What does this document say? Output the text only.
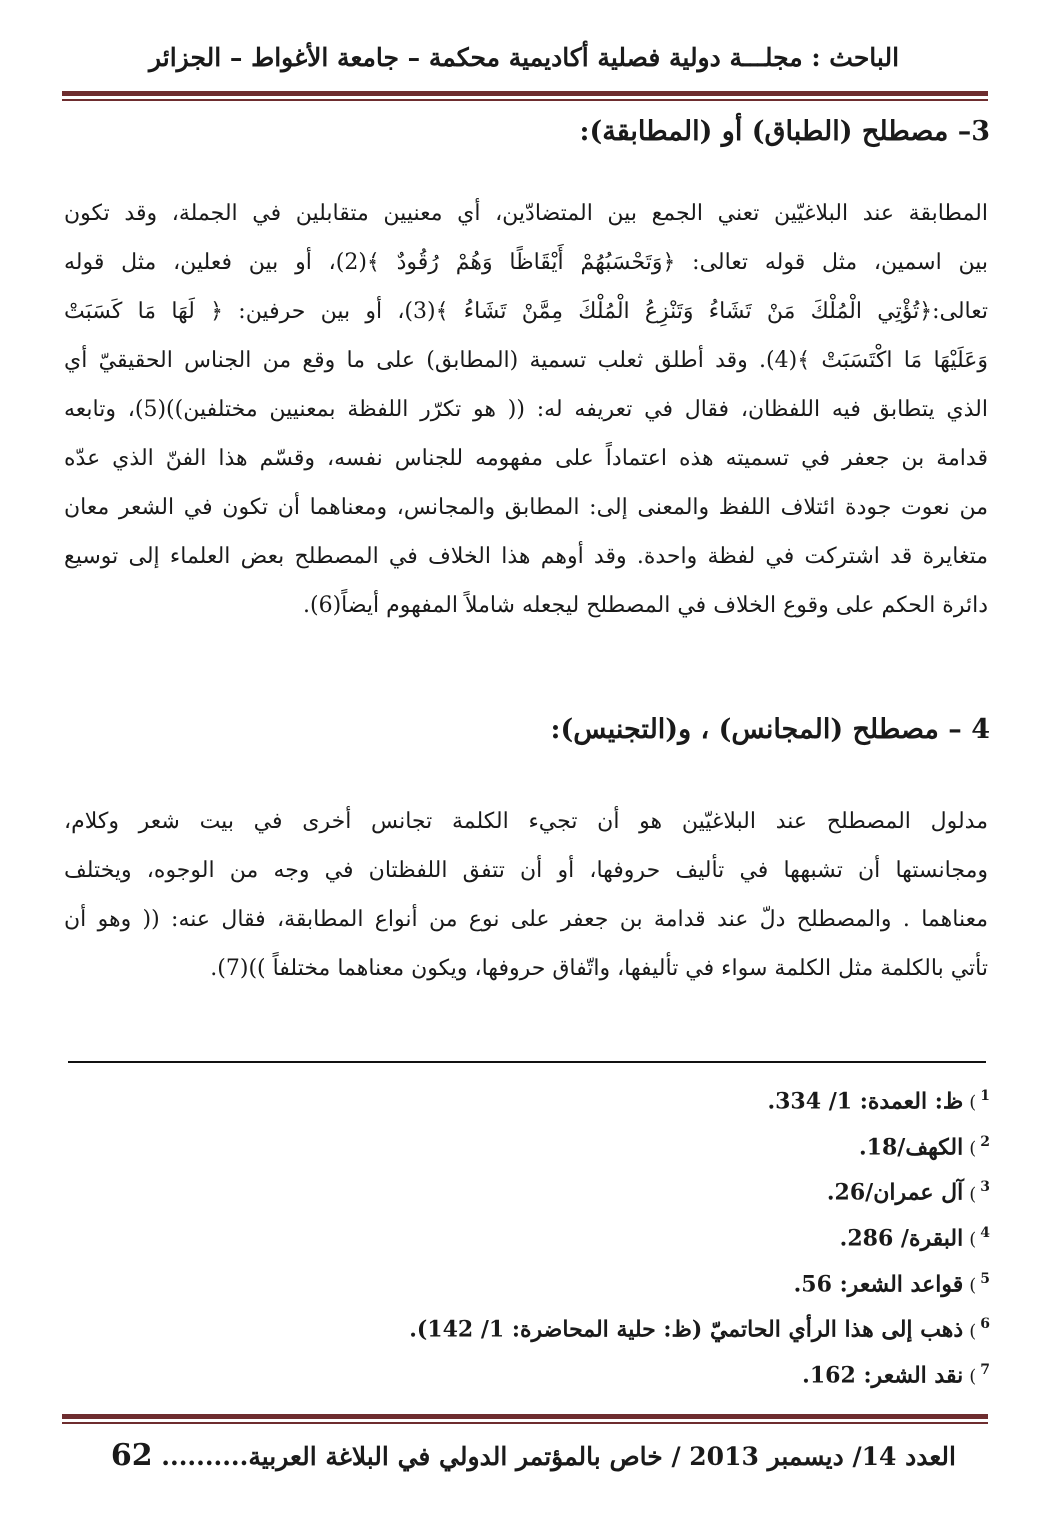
الباحث : مجلـــة دولية فصلية أكاديمية محكمة – جامعة الأغواط – الجزائر
3– مصطلح (الطباق) أو (المطابقة):
المطابقة عند البلاغيّين تعني الجمع بين المتضادّين، أي معنيين متقابلين في الجملة، وقد تكون
بين اسمين، مثل قوله تعالى: ﴿وَتَحْسَبُهُمْ أَيْقَاظًا وَهُمْ رُقُودٌ ﴾(2)، أو بين فعلين، مثل قوله
تعالى:﴿تُؤْتِي الْمُلْكَ مَنْ تَشَاءُ وَتَنْزِعُ الْمُلْكَ مِمَّنْ تَشَاءُ ﴾(3)، أو بين حرفين: ﴿ لَهَا مَا كَسَبَتْ
وَعَلَيْهَا مَا اكْتَسَبَتْ ﴾(4). وقد أطلق ثعلب تسمية (المطابق) على ما وقع من الجناس الحقيقيّ أي
الذي يتطابق فيه اللفظان، فقال في تعريفه له: (( هو تكرّر اللفظة بمعنيين مختلفين))(5)، وتابعه
قدامة بن جعفر في تسميته هذه اعتماداً على مفهومه للجناس نفسه، وقسّم هذا الفنّ الذي عدّه
من نعوت جودة ائتلاف اللفظ والمعنى إلى: المطابق والمجانس، ومعناهما أن تكون في الشعر معان
متغايرة قد اشتركت في لفظة واحدة. وقد أوهم هذا الخلاف في المصطلح بعض العلماء إلى توسيع
دائرة الحكم على وقوع الخلاف في المصطلح ليجعله شاملاً المفهوم أيضاً(6).
4 – مصطلح (المجانس) ، و(التجنيس):
مدلول المصطلح عند البلاغيّين هو أن تجيء الكلمة تجانس أخرى في بيت شعر وكلام،
ومجانستها أن تشبهها في تأليف حروفها، أو أن تتفق اللفظتان في وجه من الوجوه، ويختلف
معناهما . والمصطلح دلّ عند قدامة بن جعفر على نوع من أنواع المطابقة، فقال عنه: (( وهو أن
تأتي بالكلمة مثل الكلمة سواء في تأليفها، واتّفاق حروفها، ويكون معناهما مختلفاً ))(7).
$^1$)ظ: العمدة: 1/ 334.
$^2$)الكهف/18.
$^3$)آل عمران/26.
$^4$)البقرة/ 286.
$^5$)قواعد الشعر: 56.
$^6$)ذهب إلى هذا الرأي الحاتميّ (ظ: حلية المحاضرة: 1/ 142).
$^7$)نقد الشعر: 162.
العدد 14/ ديسمبر 2013 / خاص بالمؤتمر الدولي في البلاغة العربية.......... 62
